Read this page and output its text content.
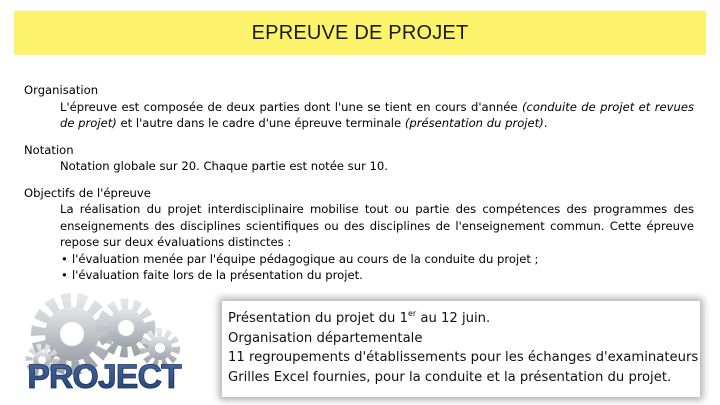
EPREUVE DE PROJET
Organisation
L'épreuve est composée de deux parties dont l'une se tient en cours d'année (conduite de projet et revues de projet) et l'autre dans le cadre d'une épreuve terminale (présentation du projet).
Notation
Notation globale sur 20. Chaque partie est notée sur 10.
Objectifs de l'épreuve
La réalisation du projet interdisciplinaire mobilise tout ou partie des compétences des programmes des enseignements des disciplines scientifiques ou des disciplines de l'enseignement commun. Cette épreuve repose sur deux évaluations distinctes :
• l'évaluation menée par l'équipe pédagogique au cours de la conduite du projet ;
• l'évaluation faite lors de la présentation du projet.
PROJECT
Présentation du projet du 1er au 12 juin.
Organisation départementale
11 regroupements d'établissements pour les échanges d'examinateurs
Grilles Excel fournies, pour la conduite et la présentation du projet.
